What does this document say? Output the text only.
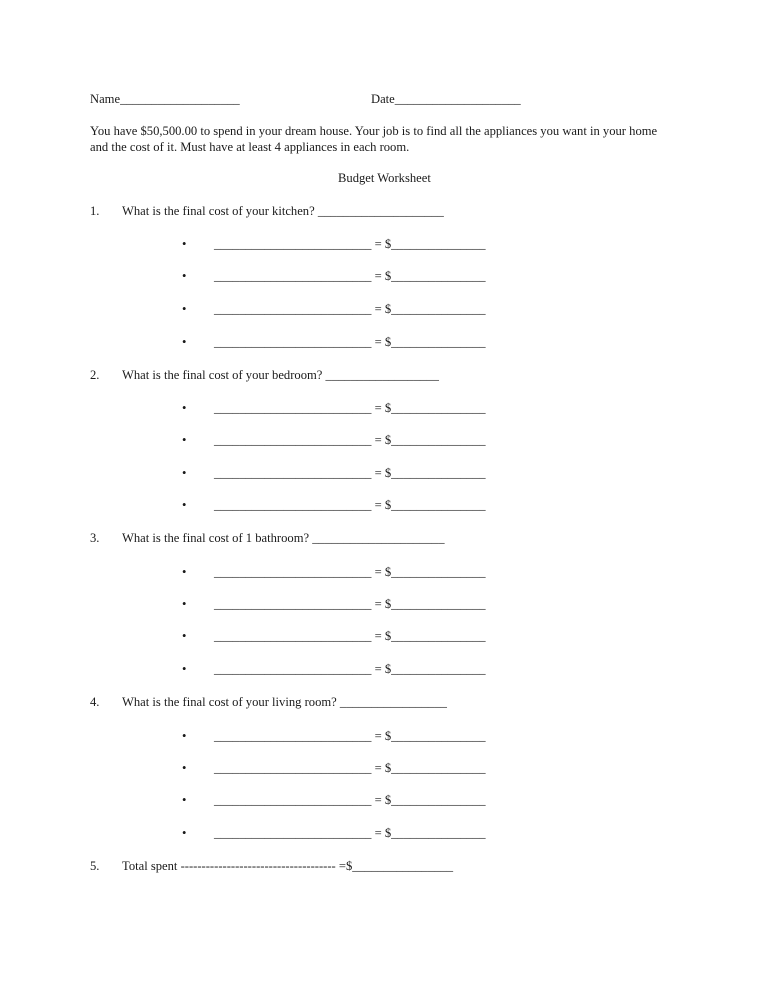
Name___________________	Date____________________
You have $50,500.00 to spend in your dream house. Your job is to find all the appliances you want in your home
and the cost of it. Must have at least 4 appliances in each room.
Budget Worksheet
1. What is the final cost of your kitchen? ____________________
• _________________________ = $_______________
• _________________________ = $_______________
• _________________________ = $_______________
• _________________________ = $_______________
2. What is the final cost of your bedroom? __________________
• _________________________ = $_______________
• _________________________ = $_______________
• _________________________ = $_______________
• _________________________ = $_______________
3. What is the final cost of 1 bathroom? _____________________
• _________________________ = $_______________
• _________________________ = $_______________
• _________________________ = $_______________
• _________________________ = $_______________
4. What is the final cost of your living room? _________________
• _________________________ = $_______________
• _________________________ = $_______________
• _________________________ = $_______________
• _________________________ = $_______________
5. Total spent ------------------------------------- =$________________
